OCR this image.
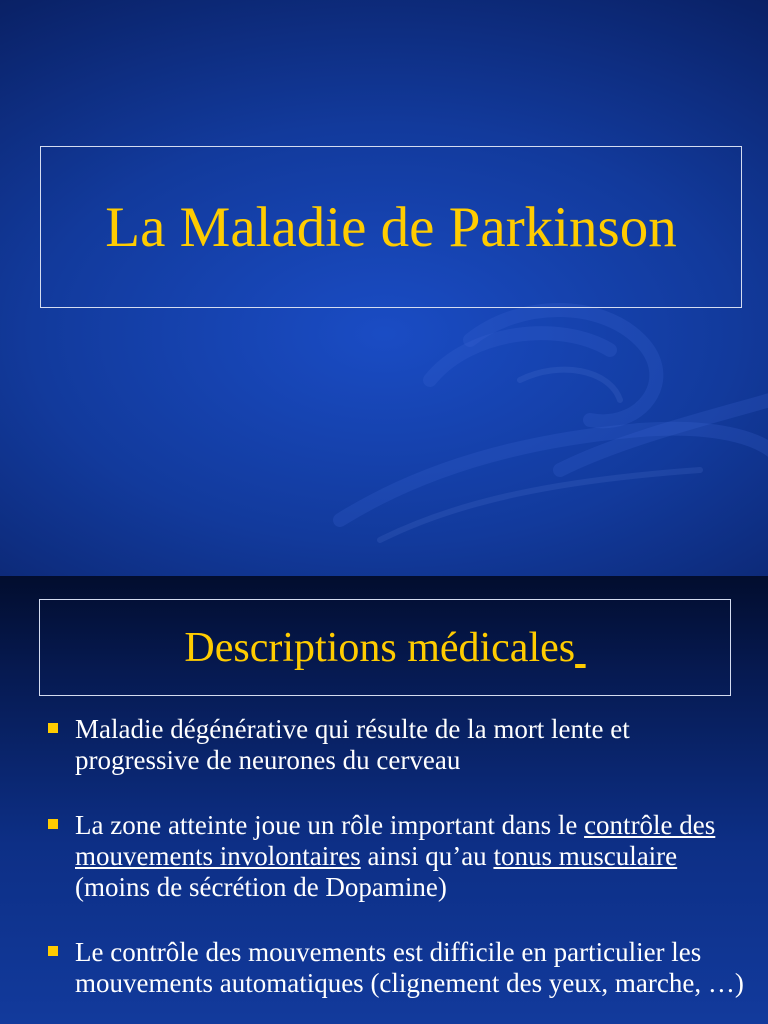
La Maladie de Parkinson
Descriptions médicales
Maladie dégénérative qui résulte de la mort lente et progressive de neurones du cerveau
La zone atteinte joue un rôle important dans le contrôle des mouvements involontaires ainsi qu’au tonus musculaire (moins de sécrétion de Dopamine)
Le contrôle des mouvements est difficile en particulier les mouvements automatiques (clignement des yeux, marche, …)
